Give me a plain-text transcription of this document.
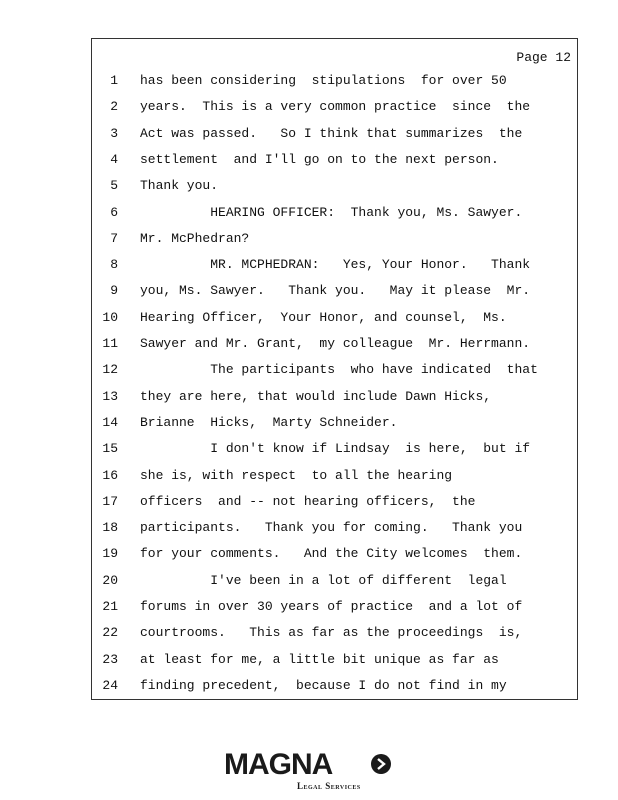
Page 12
1 has been considering  stipulations  for over 50
2 years.  This is a very common practice  since  the
3 Act was passed.   So I think that summarizes  the
4 settlement  and I'll go on to the next person.
5 Thank you.
6 HEARING OFFICER:  Thank you, Ms. Sawyer.
7 Mr. McPhedran?
8 MR. MCPHEDRAN:   Yes, Your Honor.   Thank
9 you, Ms. Sawyer.   Thank you.   May it please  Mr.
10 Hearing Officer,  Your Honor, and counsel,  Ms.
11 Sawyer and Mr. Grant,  my colleague  Mr. Herrmann.
12 The participants  who have indicated  that
13 they are here, that would include Dawn Hicks,
14 Brianne  Hicks,  Marty Schneider.
15 I don't know if Lindsay  is here,  but if
16 she is, with respect  to all the hearing
17 officers  and -- not hearing officers,  the
18 participants.   Thank you for coming.   Thank you
19 for your comments.   And the City welcomes  them.
20 I've been in a lot of different  legal
21 forums in over 30 years of practice  and a lot of
22 courtrooms.   This as far as the proceedings  is,
23 at least for me, a little bit unique as far as
24 finding precedent,  because I do not find in my
MAGNA
Legal Services
